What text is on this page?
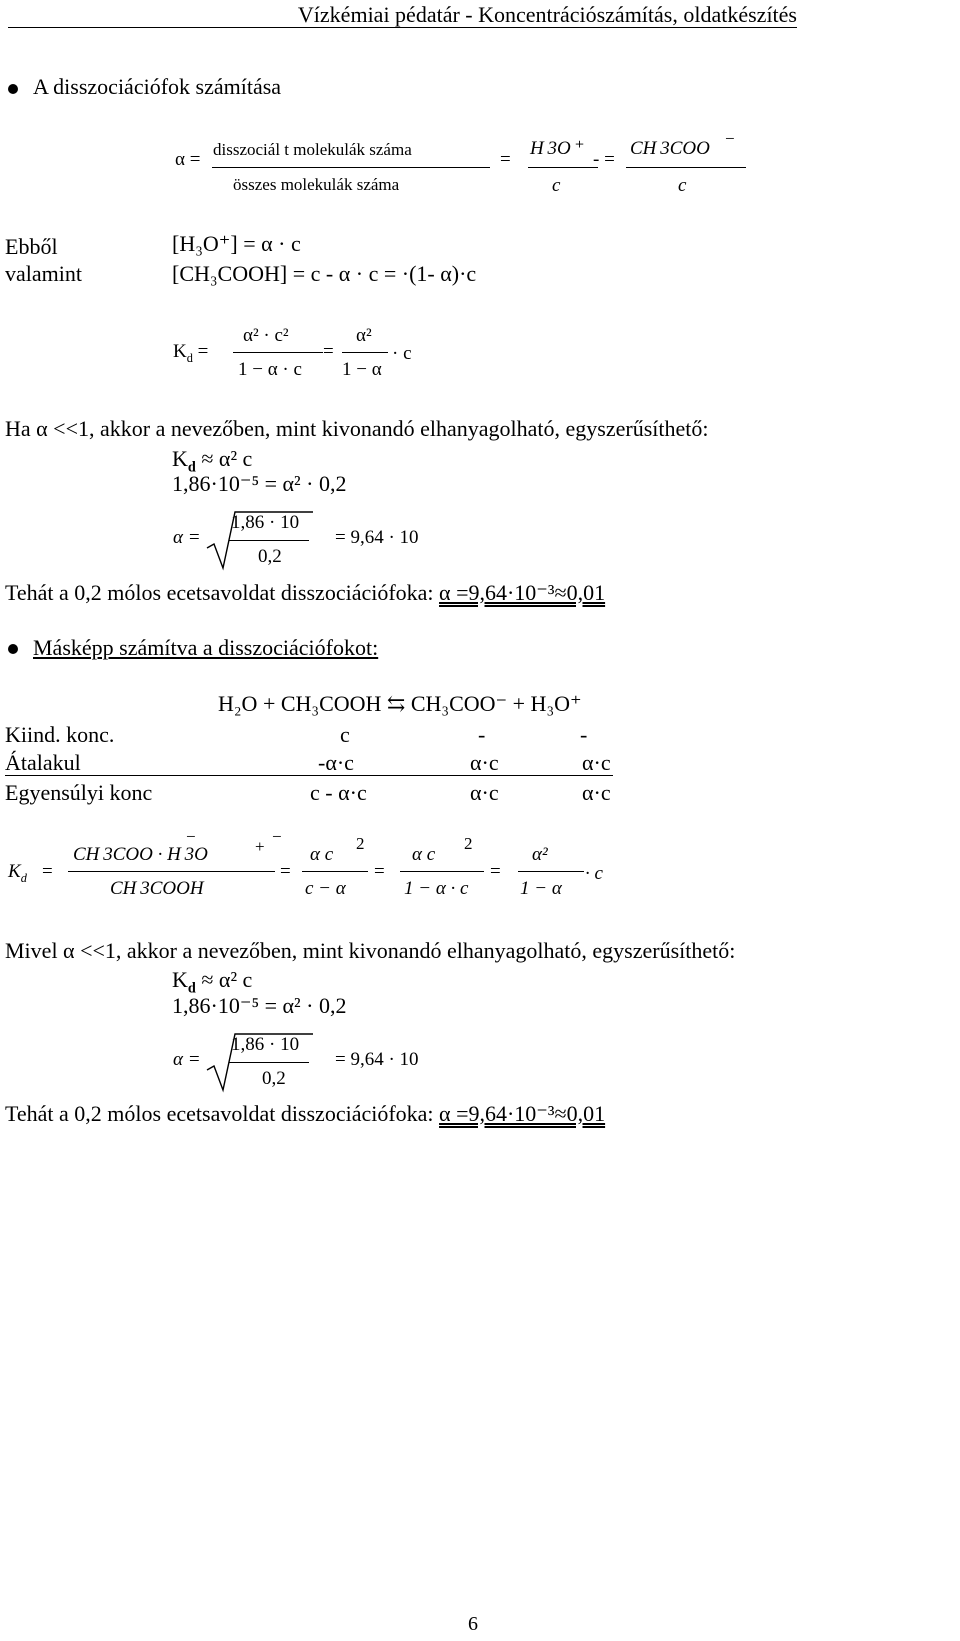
Vízkémiai pédatár - Koncentrációszámítás, oldatkészítés
A disszociációfok számítása
α = disszociál t molekulák száma
összes molekulák száma
=
H 3O ⁺
c
- =
CH 3COO −
c
Ebből	[H₃O⁺] = α · c
valamint	[CH₃COOH] = c - α · c = ·(1- α)·c
$K_d$ =
α² · c²
1 − α · c
=
α²
1 − α
· c
Ha α <<1, akkor a nevezőben, mint kivonandó elhanyagolható, egyszerűsíthető:
$K_d \approx \alpha^2$ c
1,86·10⁻⁵ = α² · 0,2
α =
1,86 · 10
0,2
= 9,64 · 10
Tehát a 0,2 mólos ecetsavoldat disszociációfoka: α =9,64·10⁻³≈0,01
Másképp számítva a disszociációfokot:
H₂O + CH₃COOH ⇆ CH₃COO⁻ + H₃O⁺
Kiind. konc.	c	-	-
Átalakul	-α·c	α·c	α·c
Egyensúlyi konc	c - α·c	α·c	α·c
$K_d$ =
CH 3COO · H 3O
−
+
−
CH 3COOH
=
α c
2
c − α
=
α c
2
1 − α · c
=
α²
1 − α
· c
Mivel α <<1, akkor a nevezőben, mint kivonandó elhanyagolható, egyszerűsíthető:
$K_d \approx \alpha^2$ c
1,86·10⁻⁵ = α² · 0,2
α =
1,86 · 10
0,2
= 9,64 · 10
Tehát a 0,2 mólos ecetsavoldat disszociációfoka: α =9,64·10⁻³≈0,01
6
